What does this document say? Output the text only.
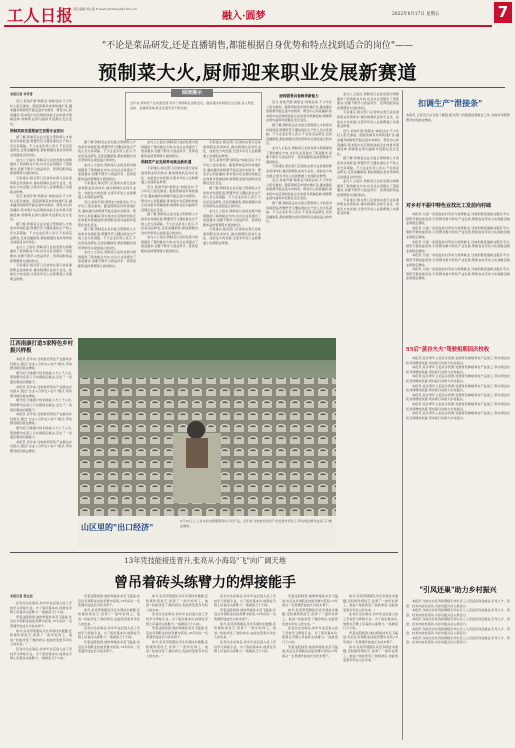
工人日报 责任编辑:刘小燕 E-mail:grrbwujd@163.com
融入·圆梦	2022年6月17日 星期五	7
"不论是菜品研发,还是直播销售,都能根据自身优势和特点找到适合的岗位"——
预制菜大火,厨师迎来职业发展新赛道
本报记者 李丹青

近日,某地开展"新职业"体验活动,不少年轻人报名参加。随着预制菜市场快速扩张,越来越多的厨师开始走进中央厨房、研发中心和直播间,原本集中在后厨的技能正在向更多领域延伸,厨师职业的内涵和外延都在发生变化。

预制菜研发需要厨艺更需专业知识

据了解,预制菜企业对复合型厨师人才的需求持续旺盛,既懂烹饪又懂标准化生产的人员尤其紧缺。不少企业负责人表示,不论是菜品研发,还是直播销售,都能根据自身优势和特点找到适合的岗位。

业内人士指出,预制菜行业的发展为厨师提供了新的就业方向,也对从业者提出了更高要求,需要不断学习食品科学、营养搭配和品控管理等方面的知识。

专家建议,相关部门应加快完善行业标准和职业培训体系,推动厨师队伍向专业化、技能化方向发展,让更多年轻人在新赛道上实现职业梦想。

近日,某地开展"新职业"体验活动,不少年轻人报名参加。随着预制菜市场快速扩张,越来越多的厨师开始走进中央厨房、研发中心和直播间,原本集中在后厨的技能正在向更多领域延伸,厨师职业的内涵和外延都在发生变化。

据了解,预制菜企业对复合型厨师人才的需求持续旺盛,既懂烹饪又懂标准化生产的人员尤其紧缺。不少企业负责人表示,不论是菜品研发,还是直播销售,都能根据自身优势和特点找到适合的岗位。

业内人士指出,预制菜行业的发展为厨师提供了新的就业方向,也对从业者提出了更高要求,需要不断学习食品科学、营养搭配和品控管理等方面的知识。

专家建议,相关部门应加快完善行业标准和职业培训体系,推动厨师队伍向专业化、技能化方向发展,让更多年轻人在新赛道上实现职业梦想。

阅读提示
近年来,预制菜产业快速发展,带动了厨师职业的新变化。越来越多的厨师走出后厨,进入研发、品控、直播等领域,职业发展空间不断拓展。

据了解,预制菜企业对复合型厨师人才的需求持续旺盛,既懂烹饪又懂标准化生产的人员尤其紧缺。不少企业负责人表示,不论是菜品研发,还是直播销售,都能根据自身优势和特点找到适合的岗位。

业内人士指出,预制菜行业的发展为厨师提供了新的就业方向,也对从业者提出了更高要求,需要不断学习食品科学、营养搭配和品控管理等方面的知识。

专家建议,相关部门应加快完善行业标准和职业培训体系,推动厨师队伍向专业化、技能化方向发展,让更多年轻人在新赛道上实现职业梦想。

近日,某地开展"新职业"体验活动,不少年轻人报名参加。随着预制菜市场快速扩张,越来越多的厨师开始走进中央厨房、研发中心和直播间,原本集中在后厨的技能正在向更多领域延伸,厨师职业的内涵和外延都在发生变化。

据了解,预制菜企业对复合型厨师人才的需求持续旺盛,既懂烹饪又懂标准化生产的人员尤其紧缺。不少企业负责人表示,不论是菜品研发,还是直播销售,都能根据自身优势和特点找到适合的岗位。

业内人士指出,预制菜行业的发展为厨师提供了新的就业方向,也对从业者提出了更高要求,需要不断学习食品科学、营养搭配和品控管理等方面的知识。

业内人士指出,预制菜行业的发展为厨师提供了新的就业方向,也对从业者提出了更高要求,需要不断学习食品科学、营养搭配和品控管理等方面的知识。

预制菜产业发展带动就业新机遇

专家建议,相关部门应加快完善行业标准和职业培训体系,推动厨师队伍向专业化、技能化方向发展,让更多年轻人在新赛道上实现职业梦想。

近日,某地开展"新职业"体验活动,不少年轻人报名参加。随着预制菜市场快速扩张,越来越多的厨师开始走进中央厨房、研发中心和直播间,原本集中在后厨的技能正在向更多领域延伸,厨师职业的内涵和外延都在发生变化。

据了解,预制菜企业对复合型厨师人才的需求持续旺盛,既懂烹饪又懂标准化生产的人员尤其紧缺。不少企业负责人表示,不论是菜品研发,还是直播销售,都能根据自身优势和特点找到适合的岗位。

业内人士指出,预制菜行业的发展为厨师提供了新的就业方向,也对从业者提出了更高要求,需要不断学习食品科学、营养搭配和品控管理等方面的知识。

专家建议,相关部门应加快完善行业标准和职业培训体系,推动厨师队伍向专业化、技能化方向发展,让更多年轻人在新赛道上实现职业梦想。

近日,某地开展"新职业"体验活动,不少年轻人报名参加。随着预制菜市场快速扩张,越来越多的厨师开始走进中央厨房、研发中心和直播间,原本集中在后厨的技能正在向更多领域延伸,厨师职业的内涵和外延都在发生变化。

据了解,预制菜企业对复合型厨师人才的需求持续旺盛,既懂烹饪又懂标准化生产的人员尤其紧缺。不少企业负责人表示,不论是菜品研发,还是直播销售,都能根据自身优势和特点找到适合的岗位。

业内人士指出,预制菜行业的发展为厨师提供了新的就业方向,也对从业者提出了更高要求,需要不断学习食品科学、营养搭配和品控管理等方面的知识。

专家建议,相关部门应加快完善行业标准和职业培训体系,推动厨师队伍向专业化、技能化方向发展,让更多年轻人在新赛道上实现职业梦想。

厨师需要具备跨界新能力

近日,某地开展"新职业"体验活动,不少年轻人报名参加。随着预制菜市场快速扩张,越来越多的厨师开始走进中央厨房、研发中心和直播间,原本集中在后厨的技能正在向更多领域延伸,厨师职业的内涵和外延都在发生变化。

据了解,预制菜企业对复合型厨师人才的需求持续旺盛,既懂烹饪又懂标准化生产的人员尤其紧缺。不少企业负责人表示,不论是菜品研发,还是直播销售,都能根据自身优势和特点找到适合的岗位。

业内人士指出,预制菜行业的发展为厨师提供了新的就业方向,也对从业者提出了更高要求,需要不断学习食品科学、营养搭配和品控管理等方面的知识。

专家建议,相关部门应加快完善行业标准和职业培训体系,推动厨师队伍向专业化、技能化方向发展,让更多年轻人在新赛道上实现职业梦想。

近日,某地开展"新职业"体验活动,不少年轻人报名参加。随着预制菜市场快速扩张,越来越多的厨师开始走进中央厨房、研发中心和直播间,原本集中在后厨的技能正在向更多领域延伸,厨师职业的内涵和外延都在发生变化。

据了解,预制菜企业对复合型厨师人才的需求持续旺盛,既懂烹饪又懂标准化生产的人员尤其紧缺。不少企业负责人表示,不论是菜品研发,还是直播销售,都能根据自身优势和特点找到适合的岗位。

业内人士指出,预制菜行业的发展为厨师提供了新的就业方向,也对从业者提出了更高要求,需要不断学习食品科学、营养搭配和品控管理等方面的知识。

专家建议,相关部门应加快完善行业标准和职业培训体系,推动厨师队伍向专业化、技能化方向发展,让更多年轻人在新赛道上实现职业梦想。

近日,某地开展"新职业"体验活动,不少年轻人报名参加。随着预制菜市场快速扩张,越来越多的厨师开始走进中央厨房、研发中心和直播间,原本集中在后厨的技能正在向更多领域延伸,厨师职业的内涵和外延都在发生变化。

据了解,预制菜企业对复合型厨师人才的需求持续旺盛,既懂烹饪又懂标准化生产的人员尤其紧缺。不少企业负责人表示,不论是菜品研发,还是直播销售,都能根据自身优势和特点找到适合的岗位。

业内人士指出,预制菜行业的发展为厨师提供了新的就业方向,也对从业者提出了更高要求,需要不断学习食品科学、营养搭配和品控管理等方面的知识。

专家建议,相关部门应加快完善行业标准和职业培训体系,推动厨师队伍向专业化、技能化方向发展,让更多年轻人在新赛道上实现职业梦想。

江西南康打造5家特色乡村振兴样板

本报讯 近年来,当地依托特色产业推动乡村振兴,通过"企业+合作社+农户"模式,带动群众就近就业增收。

据介绍,当地累计培训技能人才上千人次,帮助群众在家门口实现稳定就业,走出了一条富民强村的新路子。

本报讯 近年来,当地依托特色产业推动乡村振兴,通过"企业+合作社+农户"模式,带动群众就近就业增收。

据介绍,当地累计培训技能人才上千人次,帮助群众在家门口实现稳定就业,走出了一条富民强村的新路子。

本报讯 近年来,当地依托特色产业推动乡村振兴,通过"企业+合作社+农户"模式,带动群众就近就业增收。

据介绍,当地累计培训技能人才上千人次,帮助群众在家门口实现稳定就业,走出了一条富民强村的新路子。

本报讯 近年来,当地依托特色产业推动乡村振兴,通过"企业+合作社+农户"模式,带动群众就近就业增收。

山区里的"出口经济"
6月16日,工人在车间内整理即将出口的产品。近年来,当地依托特色产业发展外贸加工,带动周边群众在家门口就业增收。
扣调生产"泄接条"
本报讯 记者近日从当地了解到,相关部门持续推进稳就业工作,多措并举帮助群众实现就业增收。
对乡村不振中特色业找比工发前向村础

本报讯 为进一步促进农村劳动力转移就业,当地积极搭建就业服务平台,组织开展技能培训,引导群众参与特色产业发展,帮助农村劳动力实现就近就业和稳定增收。

本报讯 为进一步促进农村劳动力转移就业,当地积极搭建就业服务平台,组织开展技能培训,引导群众参与特色产业发展,帮助农村劳动力实现就近就业和稳定增收。

本报讯 为进一步促进农村劳动力转移就业,当地积极搭建就业服务平台,组织开展技能培训,引导群众参与特色产业发展,帮助农村劳动力实现就近就业和稳定增收。

本报讯 为进一步促进农村劳动力转移就业,当地积极搭建就业服务平台,组织开展技能培训,引导群众参与特色产业发展,帮助农村劳动力实现就近就业和稳定增收。

本报讯 为进一步促进农村劳动力转移就业,当地积极搭建就业服务平台,组织开展技能培训,引导群众参与特色产业发展,帮助农村劳动力实现就近就业和稳定增收。

95后"蒸谷夫夫"驾驶相期因庆校收

本报讯 返乡青年立足家乡资源,发展特色种植和农产品加工,带动周边村民共同增收致富,用实际行动助力乡村振兴。

本报讯 返乡青年立足家乡资源,发展特色种植和农产品加工,带动周边村民共同增收致富,用实际行动助力乡村振兴。

本报讯 返乡青年立足家乡资源,发展特色种植和农产品加工,带动周边村民共同增收致富,用实际行动助力乡村振兴。

本报讯 返乡青年立足家乡资源,发展特色种植和农产品加工,带动周边村民共同增收致富,用实际行动助力乡村振兴。

本报讯 返乡青年立足家乡资源,发展特色种植和农产品加工,带动周边村民共同增收致富,用实际行动助力乡村振兴。

本报讯 返乡青年立足家乡资源,发展特色种植和农产品加工,带动周边村民共同增收致富,用实际行动助力乡村振兴。

本报讯 返乡青年立足家乡资源,发展特色种植和农产品加工,带动周边村民共同增收致富,用实际行动助力乡村振兴。

"引凤还巢"助力乡村振兴

本报讯 当地出台系列政策吸引外出务工人员返乡创业就业,引导人才、资金、技术向农村流动,为乡村振兴注入新活力。

本报讯 当地出台系列政策吸引外出务工人员返乡创业就业,引导人才、资金、技术向农村流动,为乡村振兴注入新活力。

本报讯 当地出台系列政策吸引外出务工人员返乡创业就业,引导人才、资金、技术向农村流动,为乡村振兴注入新活力。

本报讯 当地出台系列政策吸引外出务工人员返乡创业就业,引导人才、资金、技术向农村流动,为乡村振兴注入新活力。

本报讯 当地出台系列政策吸引外出务工人员返乡创业就业,引导人才、资金、技术向农村流动,为乡村振兴注入新活力。

13年凭技能接连晋升,张亮从小海岛"飞"向广阔天地
曾吊着砖头练臂力的焊接能手
本报记者 张玉洁

张亮出生在海岛,初中毕业后进入技工学校学习焊接专业。为了练好基本功,他曾在手臂上吊着砖头练臂力,一练就是几个小时。

凭着这股韧劲,他的焊接技术突飞猛进,先后在多项职业技能竞赛中获奖,13年间从一名普通学徒成长为技术骨干。

如今,张亮带领团队攻克多项技术难题,还积极传授技艺,培养了一批年轻焊工。他说:"技能改变了我的命运,也能改变更多年轻人的未来。"

张亮出生在海岛,初中毕业后进入技工学校学习焊接专业。为了练好基本功,他曾在手臂上吊着砖头练臂力,一练就是几个小时。

凭着这股韧劲,他的焊接技术突飞猛进,先后在多项职业技能竞赛中获奖,13年间从一名普通学徒成长为技术骨干。

如今,张亮带领团队攻克多项技术难题,还积极传授技艺,培养了一批年轻焊工。他说:"技能改变了我的命运,也能改变更多年轻人的未来。"

张亮出生在海岛,初中毕业后进入技工学校学习焊接专业。为了练好基本功,他曾在手臂上吊着砖头练臂力,一练就是几个小时。

凭着这股韧劲,他的焊接技术突飞猛进,先后在多项职业技能竞赛中获奖,13年间从一名普通学徒成长为技术骨干。

如今,张亮带领团队攻克多项技术难题,还积极传授技艺,培养了一批年轻焊工。他说:"技能改变了我的命运,也能改变更多年轻人的未来。"

张亮出生在海岛,初中毕业后进入技工学校学习焊接专业。为了练好基本功,他曾在手臂上吊着砖头练臂力,一练就是几个小时。

凭着这股韧劲,他的焊接技术突飞猛进,先后在多项职业技能竞赛中获奖,13年间从一名普通学徒成长为技术骨干。

如今,张亮带领团队攻克多项技术难题,还积极传授技艺,培养了一批年轻焊工。他说:"技能改变了我的命运,也能改变更多年轻人的未来。"

张亮出生在海岛,初中毕业后进入技工学校学习焊接专业。为了练好基本功,他曾在手臂上吊着砖头练臂力,一练就是几个小时。

凭着这股韧劲,他的焊接技术突飞猛进,先后在多项职业技能竞赛中获奖,13年间从一名普通学徒成长为技术骨干。

如今,张亮带领团队攻克多项技术难题,还积极传授技艺,培养了一批年轻焊工。他说:"技能改变了我的命运,也能改变更多年轻人的未来。"

张亮出生在海岛,初中毕业后进入技工学校学习焊接专业。为了练好基本功,他曾在手臂上吊着砖头练臂力,一练就是几个小时。

凭着这股韧劲,他的焊接技术突飞猛进,先后在多项职业技能竞赛中获奖,13年间从一名普通学徒成长为技术骨干。

如今,张亮带领团队攻克多项技术难题,还积极传授技艺,培养了一批年轻焊工。他说:"技能改变了我的命运,也能改变更多年轻人的未来。"

张亮出生在海岛,初中毕业后进入技工学校学习焊接专业。为了练好基本功,他曾在手臂上吊着砖头练臂力,一练就是几个小时。

凭着这股韧劲,他的焊接技术突飞猛进,先后在多项职业技能竞赛中获奖,13年间从一名普通学徒成长为技术骨干。

如今,张亮带领团队攻克多项技术难题,还积极传授技艺,培养了一批年轻焊工。他说:"技能改变了我的命运,也能改变更多年轻人的未来。"

张亮出生在海岛,初中毕业后进入技工学校学习焊接专业。为了练好基本功,他曾在手臂上吊着砖头练臂力,一练就是几个小时。

凭着这股韧劲,他的焊接技术突飞猛进,先后在多项职业技能竞赛中获奖,13年间从一名普通学徒成长为技术骨干。

如今,张亮带领团队攻克多项技术难题,还积极传授技艺,培养了一批年轻焊工。他说:"技能改变了我的命运,也能改变更多年轻人的未来。"
